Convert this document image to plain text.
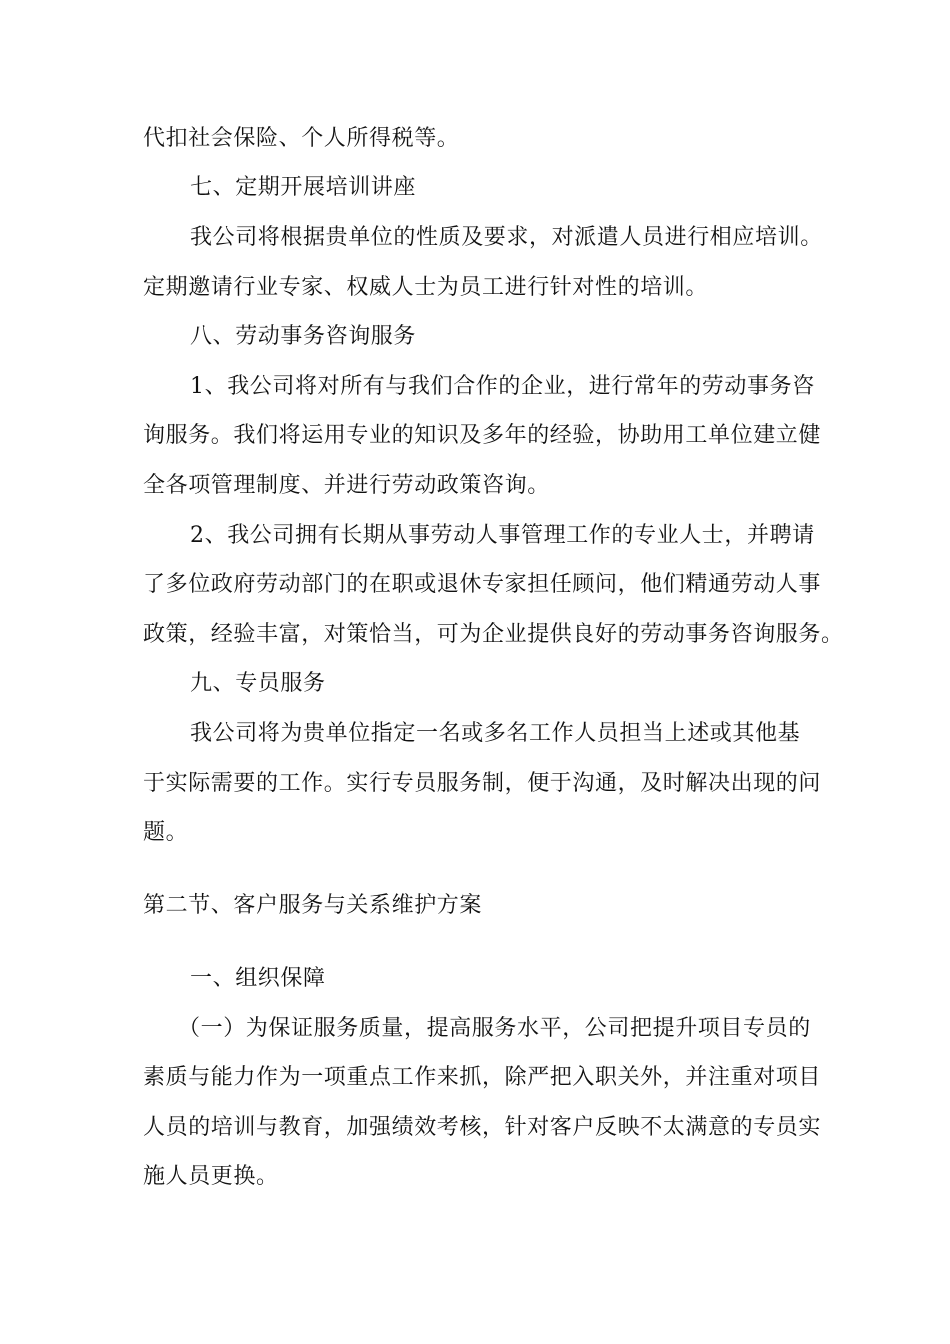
代扣社会保险、个人所得税等。
七、定期开展培训讲座
我公司将根据贵单位的性质及要求，对派遣人员进行相应培训。
定期邀请行业专家、权威人士为员工进行针对性的培训。
八、劳动事务咨询服务
1、我公司将对所有与我们合作的企业，进行常年的劳动事务咨
询服务。我们将运用专业的知识及多年的经验，协助用工单位建立健
全各项管理制度、并进行劳动政策咨询。
2、我公司拥有长期从事劳动人事管理工作的专业人士，并聘请
了多位政府劳动部门的在职或退休专家担任顾问，他们精通劳动人事
政策，经验丰富，对策恰当，可为企业提供良好的劳动事务咨询服务。
九、专员服务
我公司将为贵单位指定一名或多名工作人员担当上述或其他基
于实际需要的工作。实行专员服务制，便于沟通，及时解决出现的问
题。
第二节、客户服务与关系维护方案
一、组织保障
（一）为保证服务质量，提高服务水平，公司把提升项目专员的
素质与能力作为一项重点工作来抓，除严把入职关外，并注重对项目
人员的培训与教育，加强绩效考核，针对客户反映不太满意的专员实
施人员更换。
